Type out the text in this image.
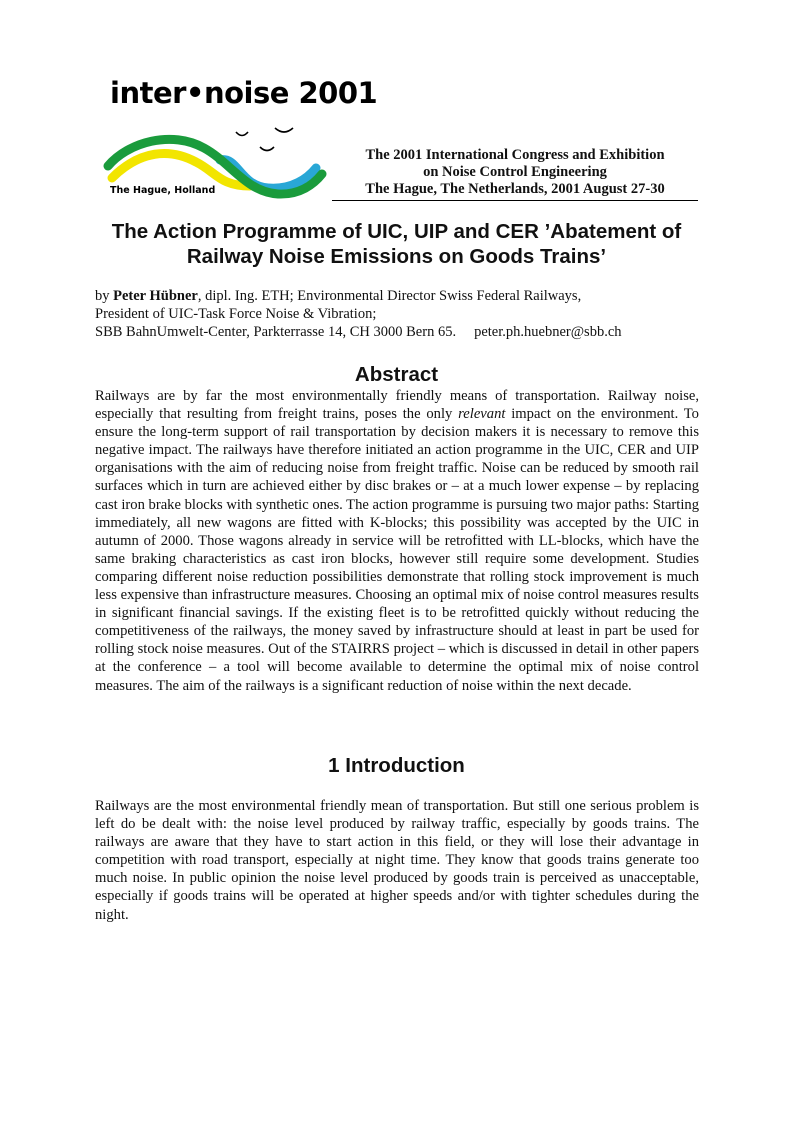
inter•noise 2001
The Hague, Holland
The 2001 International Congress and Exhibition
on Noise Control Engineering
The Hague, The Netherlands, 2001 August 27-30
The Action Programme of UIC, UIP and CER ’Abatement of
Railway Noise Emissions on Goods Trains’
by Peter Hübner, dipl. Ing. ETH; Environmental Director Swiss Federal Railways,
President of UIC-Task Force Noise & Vibration;
SBB BahnUmwelt-Center, Parkterrasse 14, CH 3000 Bern 65. peter.ph.huebner@sbb.ch
Abstract

Railways are by far the most environmentally friendly means of transportation. Railway noise, especially that resulting from freight trains, poses the only relevant impact on the environment. To ensure the long-term support of rail transportation by decision makers it is necessary to remove this negative impact. The railways have therefore initiated an action programme in the UIC, CER and UIP organisations with the aim of reducing noise from freight traffic. Noise can be reduced by smooth rail surfaces which in turn are achieved either by disc brakes or – at a much lower expense – by replacing cast iron brake blocks with synthetic ones. The action programme is pursuing two major paths: Starting immediately, all new wagons are fitted with K-blocks; this possibility was accepted by the UIC in autumn of 2000. Those wagons already in service will be retrofitted with LL-blocks, which have the same braking characteristics as cast iron blocks, however still require some development. Studies comparing different noise reduction possibilities demonstrate that rolling stock improvement is much less expensive than infrastructure measures. Choosing an optimal mix of noise control measures results in significant financial savings. If the existing fleet is to be retrofitted quickly without reducing the competitiveness of the railways, the money saved by infrastructure should at least in part be used for rolling stock noise measures. Out of the STAIRRS project – which is discussed in detail in other papers at the conference – a tool will become available to determine the optimal mix of noise control measures. The aim of the railways is a significant reduction of noise within the next decade.

1 Introduction

Railways are the most environmental friendly mean of transportation. But still one serious problem is left do be dealt with: the noise level produced by railway traffic, especially by goods trains. The railways are aware that they have to start action in this field, or they will lose their advantage in competition with road transport, especially at night time. They know that goods trains generate too much noise. In public opinion the noise level produced by goods train is perceived as unacceptable, especially if goods trains will be operated at higher speeds and/or with tighter schedules during the night.
